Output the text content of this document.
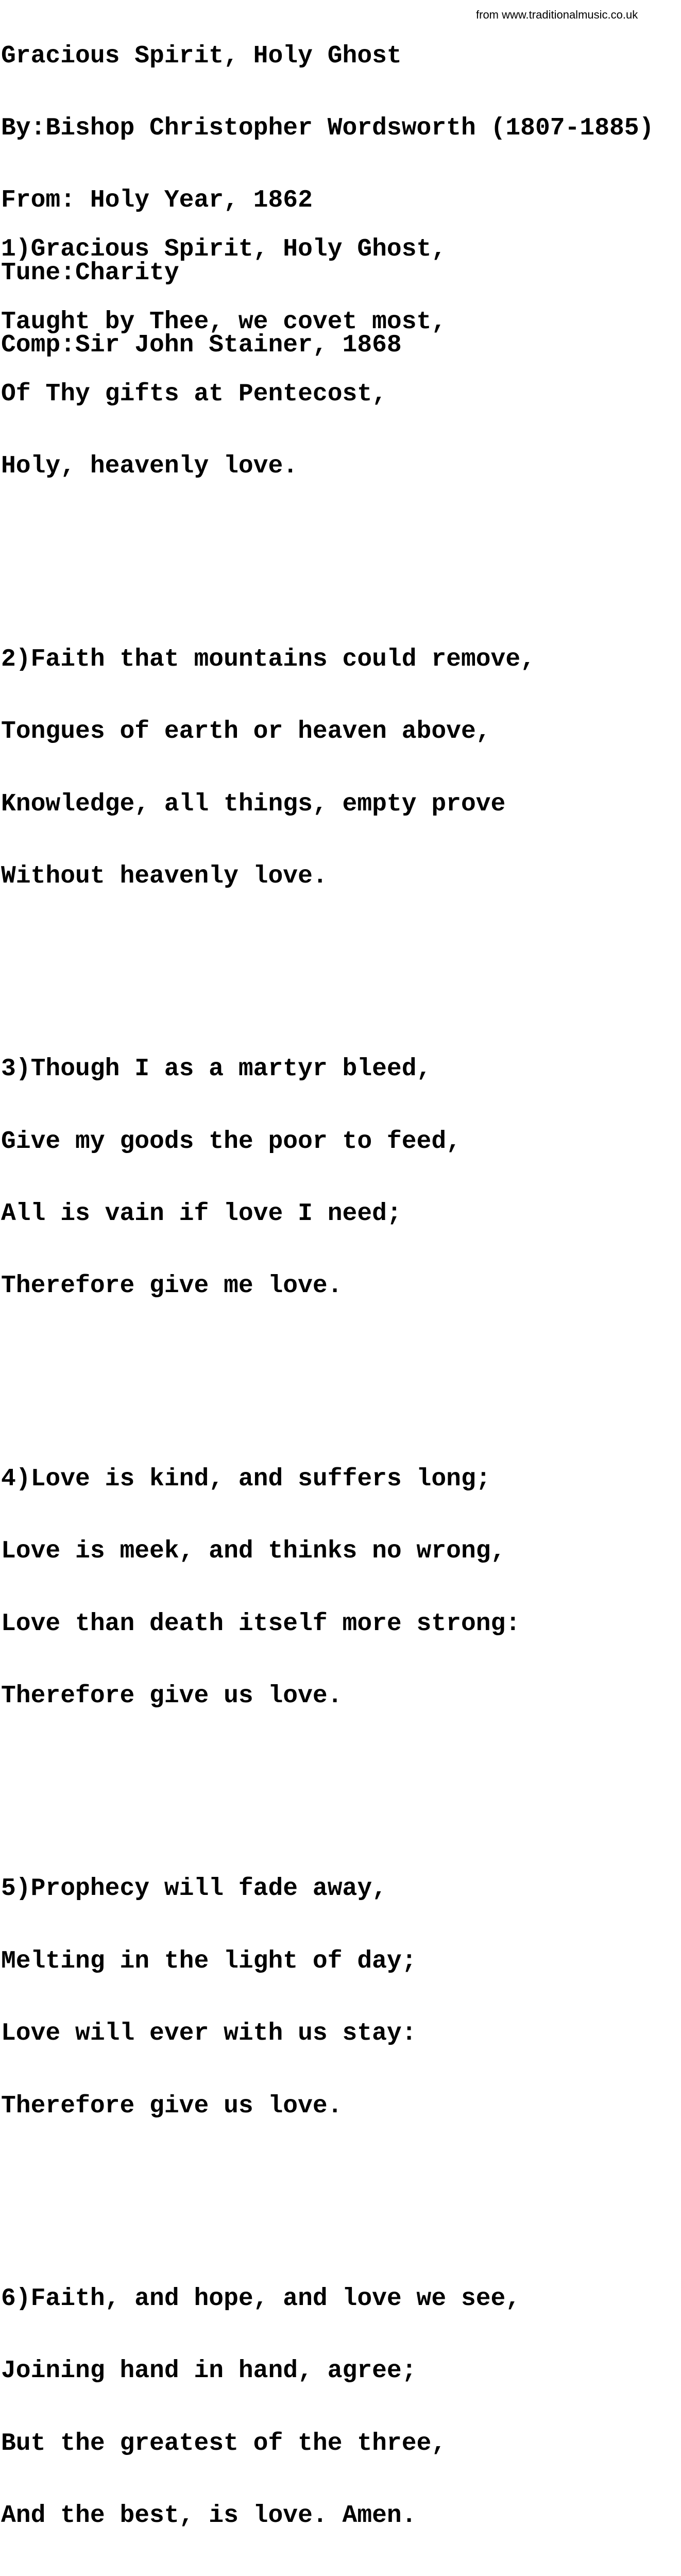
Gracious Spirit, Holy Ghost

By:Bishop Christopher Wordsworth (1807-1885)

From: Holy Year, 1862

Tune:Charity

Comp:Sir John Stainer, 1868

from www.traditionalmusic.co.uk

1)Gracious Spirit, Holy Ghost,

Taught by Thee, we covet most,

Of Thy gifts at Pentecost,

Holy, heavenly love.

2)Faith that mountains could remove,

Tongues of earth or heaven above,

Knowledge, all things, empty prove

Without heavenly love.

3)Though I as a martyr bleed,

Give my goods the poor to feed,

All is vain if love I need;

Therefore give me love.

4)Love is kind, and suffers long;

Love is meek, and thinks no wrong,

Love than death itself more strong:

Therefore give us love.

5)Prophecy will fade away,

Melting in the light of day;

Love will ever with us stay:

Therefore give us love.

6)Faith, and hope, and love we see,

Joining hand in hand, agree;

But the greatest of the three,

And the best, is love. Amen.
